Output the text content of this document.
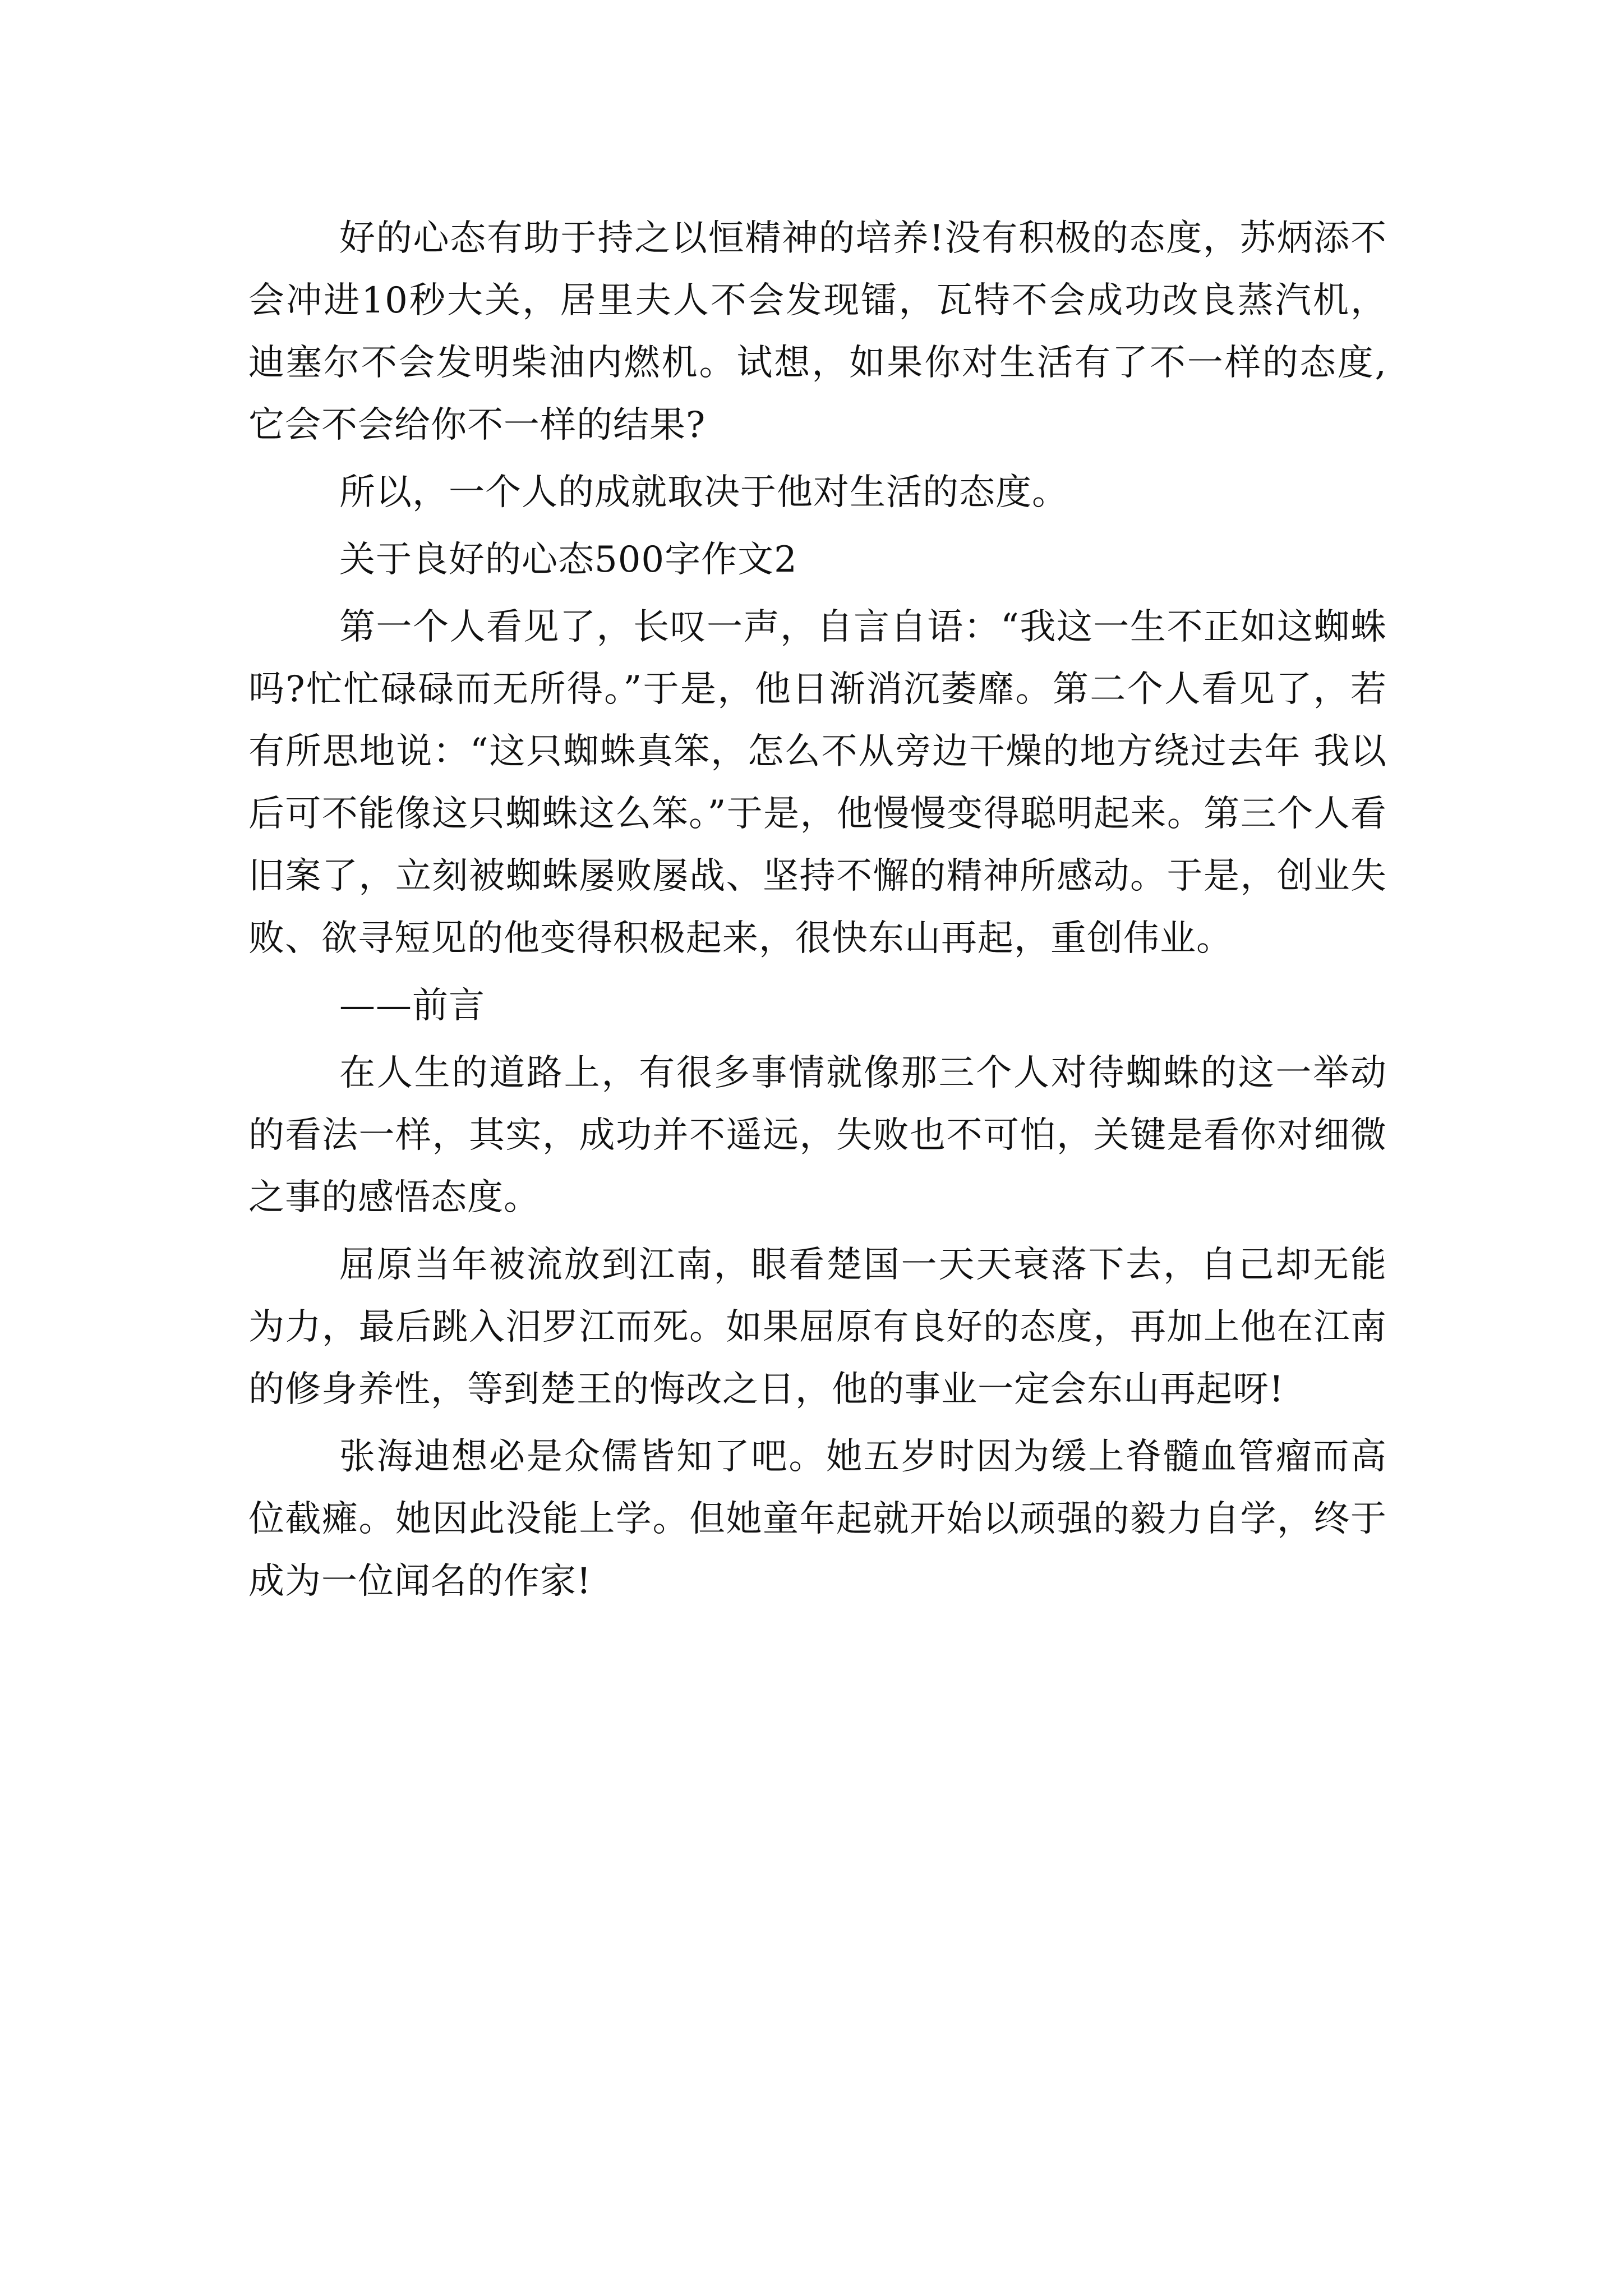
好的心态有助于持之以恒精神的培养!没有积极的态度，苏炳添不会冲进10秒大关，居里夫人不会发现镭，瓦特不会成功改良蒸汽机，迪塞尔不会发明柴油内燃机。试想，如果你对生活有了不一样的态度,它会不会给你不一样的结果?

所以，一个人的成就取决于他对生活的态度。

关于良好的心态500字作文2

第一个人看见了，长叹一声，自言自语：“我这一生不正如这蜘蛛吗?忙忙碌碌而无所得。”于是，他日渐消沉萎靡。第二个人看见了，若有所思地说：“这只蜘蛛真笨，怎么不从旁边干燥的地方绕过去年 我以后可不能像这只蜘蛛这么笨。”于是，他慢慢变得聪明起来。第三个人看旧案了，立刻被蜘蛛屡败屡战、坚持不懈的精神所感动。于是，创业失败、欲寻短见的他变得积极起来，很快东山再起，重创伟业。

——前言

在人生的道路上，有很多事情就像那三个人对待蜘蛛的这一举动的看法一样，其实，成功并不遥远，失败也不可怕，关键是看你对细微之事的感悟态度。

屈原当年被流放到江南，眼看楚国一天天衰落下去，自己却无能为力，最后跳入汨罗江而死。如果屈原有良好的态度，再加上他在江南的修身养性，等到楚王的悔改之日，他的事业一定会东山再起呀!

张海迪想必是众儒皆知了吧。她五岁时因为缓上脊髓血管瘤而高位截瘫。她因此没能上学。但她童年起就开始以顽强的毅力自学，终于成为一位闻名的作家!
